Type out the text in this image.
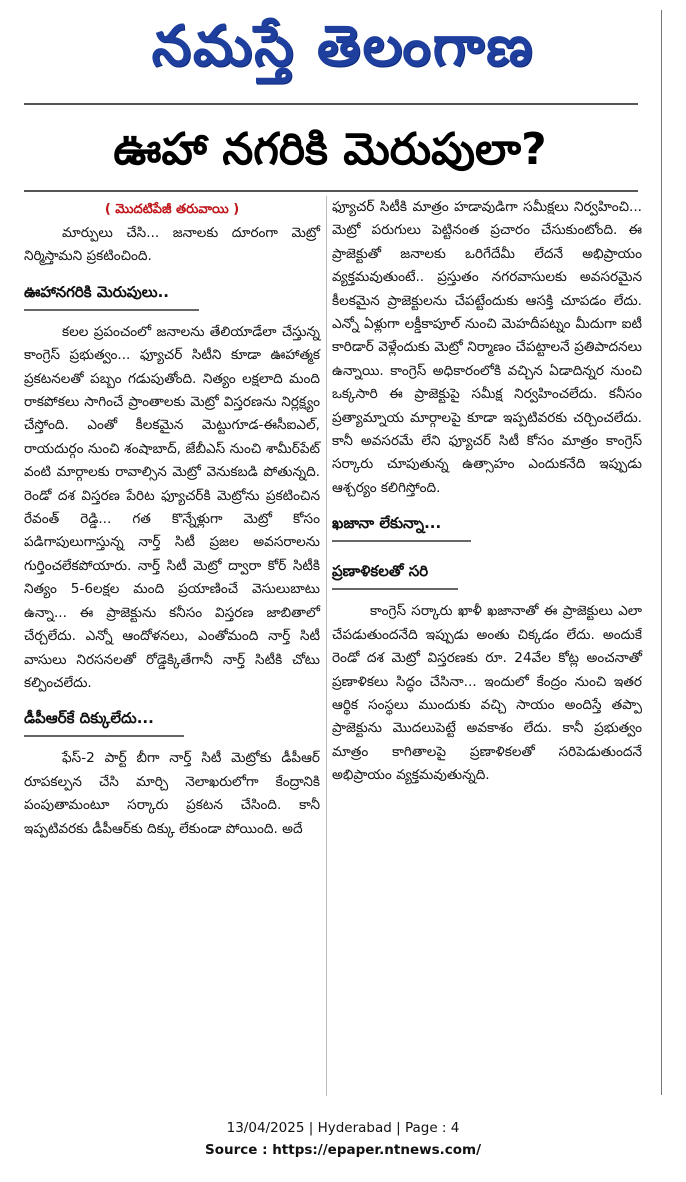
నమస్తే తెలంగాణ
ఊహా నగరికి మెరుపులా?
( మొదటిపేజీ తరువాయి )

మార్పులు చేసి... జనాలకు దూరంగా మెట్రో నిర్మిస్తామని ప్రకటించింది.

ఊహానగరికి మెరుపులు..

కలల ప్రపంచంలో జనాలను తేలియాడేలా చేస్తున్న కాంగ్రెస్ ప్రభుత్వం... ఫ్యూచర్ సిటీని కూడా ఊహాత్మక ప్రకటనలతో పబ్బం గడుపుతోంది. నిత్యం లక్షలాది మంది రాకపోకలు సాగించే ప్రాంతాలకు మెట్రో విస్తరణను నిర్లక్ష్యం చేస్తోంది. ఎంతో కీలకమైన మెట్టుగూడ-ఈసీఐఎల్, రాయదుర్గం నుంచి శంషాబాద్, జేబీఎస్ నుంచి శామీర్‌పేట్ వంటి మార్గాలకు రావాల్సిన మెట్రో వెనుకబడి పోతున్నది. రెండో దశ విస్తరణ పేరిట ఫ్యూచర్‌కి మెట్రోను ప్రకటించిన రేవంత్ రెడ్డి... గత కొన్నేళ్లుగా మెట్రో కోసం పడిగాపులుగాస్తున్న నార్త్ సిటీ ప్రజల అవసరాలను గుర్తించలేకపోయారు. నార్త్ సిటీ మెట్రో ద్వారా కోర్ సిటీకి నిత్యం 5-6లక్షల మంది ప్రయాణించే వెసులుబాటు ఉన్నా... ఈ ప్రాజెక్టును కనీసం విస్తరణ జాబితాలో చేర్చలేదు. ఎన్నో ఆందోళనలు, ఎంతోమంది నార్త్ సిటీ వాసులు నిరసనలతో రోడ్డెక్కితేగానీ నార్త్ సిటీకి చోటు కల్పించలేదు.

డీపీఆర్‌కే దిక్కులేదు...

ఫేస్-2 పార్ట్ బీగా నార్త్ సిటీ మెట్రోకు డీపీఆర్ రూపకల్పన చేసి మార్చి నెలాఖరులోగా కేంద్రానికి పంపుతామంటూ సర్కారు ప్రకటన చేసింది. కానీ ఇప్పటివరకు డీపీఆర్‌కు దిక్కు లేకుండా పోయింది. అదే

ఫ్యూచర్ సిటీకి మాత్రం హడావుడిగా సమీక్షలు నిర్వహించి... మెట్రో పరుగులు పెట్టినంత ప్రచారం చేసుకుంటోంది. ఈ ప్రాజెక్టుతో జనాలకు ఒరిగేదేమీ లేదనే అభిప్రాయం వ్యక్తమవుతుంటే.. ప్రస్తుతం నగరవాసులకు అవసరమైన కీలకమైన ప్రాజెక్టులను చేపట్టేందుకు ఆసక్తి చూపడం లేదు. ఎన్నో ఏళ్లుగా లక్డీకాపూల్ నుంచి మెహదీపట్నం మీదుగా ఐటీ కారిడార్ వెళ్లేందుకు మెట్రో నిర్మాణం చేపట్టాలనే ప్రతిపాదనలు ఉన్నాయి. కాంగ్రెస్ అధికారంలోకి వచ్చిన ఏడాదిన్నర నుంచి ఒక్కసారి ఈ ప్రాజెక్టుపై సమీక్ష నిర్వహించలేదు. కనీసం ప్రత్యామ్నాయ మార్గాలపై కూడా ఇప్పటివరకు చర్చించలేదు. కానీ అవసరమే లేని ఫ్యూచర్ సిటీ కోసం మాత్రం కాంగ్రెస్ సర్కారు చూపుతున్న ఉత్సాహం ఎందుకనేది ఇప్పుడు ఆశ్చర్యం కలిగిస్తోంది.

ఖజానా లేకున్నా...
ప్రణాళికలతో సరి

కాంగ్రెస్ సర్కారు ఖాళీ ఖజానాతో ఈ ప్రాజెక్టులు ఎలా చేపడుతుందనేది ఇప్పుడు అంతు చిక్కడం లేదు. అందుకే రెండో దశ మెట్రో విస్తరణకు రూ. 24వేల కోట్ల అంచనాతో ప్రణాళికలు సిద్ధం చేసినా... ఇందులో కేంద్రం నుంచి ఇతర ఆర్థిక సంస్థలు ముందుకు వచ్చి సాయం అందిస్తే తప్పా ప్రాజెక్టును మొదలుపెట్టే అవకాశం లేదు. కానీ ప్రభుత్వం మాత్రం కాగితాలపై ప్రణాళికలతో సరిపెడుతుందనే అభిప్రాయం వ్యక్తమవుతున్నది.

13/04/2025 | Hyderabad | Page : 4
Source : https://epaper.ntnews.com/
